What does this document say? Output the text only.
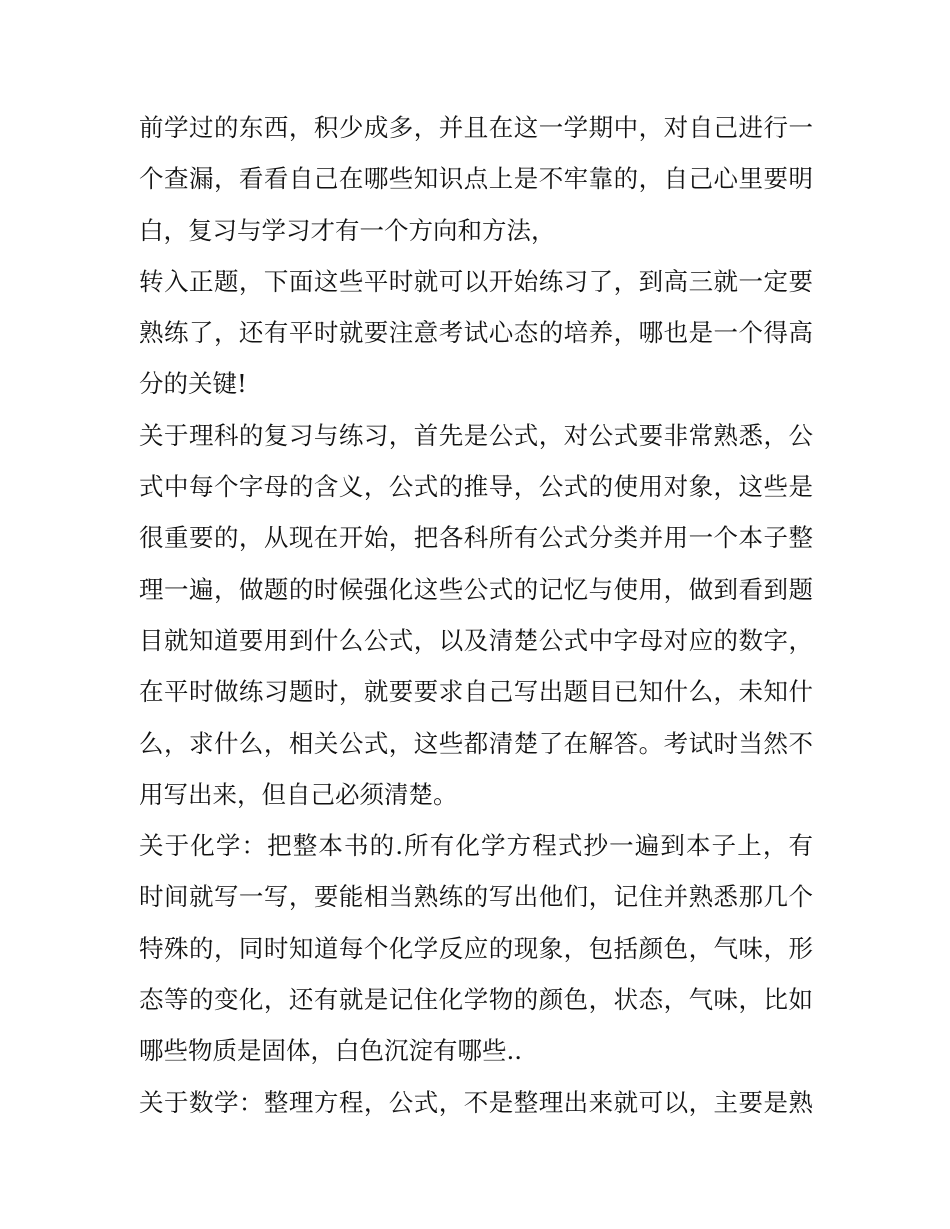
前学过的东西，积少成多，并且在这一学期中，对自己进行一
个查漏，看看自己在哪些知识点上是不牢靠的，自己心里要明
白，复习与学习才有一个方向和方法，
转入正题，下面这些平时就可以开始练习了，到高三就一定要
熟练了，还有平时就要注意考试心态的培养，哪也是一个得高
分的关键!
关于理科的复习与练习，首先是公式，对公式要非常熟悉，公
式中每个字母的含义，公式的推导，公式的使用对象，这些是
很重要的，从现在开始，把各科所有公式分类并用一个本子整
理一遍，做题的时候强化这些公式的记忆与使用，做到看到题
目就知道要用到什么公式，以及清楚公式中字母对应的数字，
在平时做练习题时，就要要求自己写出题目已知什么，未知什
么，求什么，相关公式，这些都清楚了在解答。考试时当然不
用写出来，但自己必须清楚。
关于化学：把整本书的.所有化学方程式抄一遍到本子上，有
时间就写一写，要能相当熟练的写出他们，记住并熟悉那几个
特殊的，同时知道每个化学反应的现象，包括颜色，气味，形
态等的变化，还有就是记住化学物的颜色，状态，气味，比如
哪些物质是固体，白色沉淀有哪些..
关于数学：整理方程，公式，不是整理出来就可以，主要是熟
